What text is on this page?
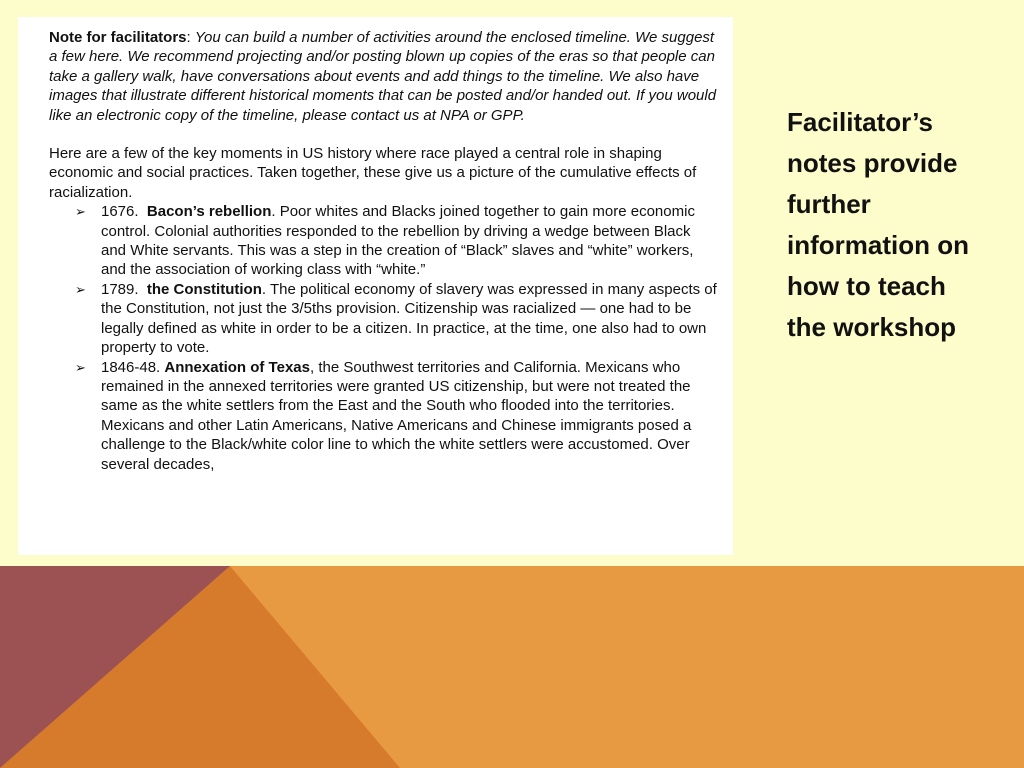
Note for facilitators: You can build a number of activities around the enclosed timeline. We suggest a few here. We recommend projecting and/or posting blown up copies of the eras so that people can take a gallery walk, have conversations about events and add things to the timeline. We also have images that illustrate different historical moments that can be posted and/or handed out. If you would like an electronic copy of the timeline, please contact us at NPA or GPP.

Here are a few of the key moments in US history where race played a central role in shaping economic and social practices. Taken together, these give us a picture of the cumulative effects of racialization.

➢ 1676. Bacon’s rebellion. Poor whites and Blacks joined together to gain more economic control. Colonial authorities responded to the rebellion by driving a wedge between Black and White servants. This was a step in the creation of “Black” slaves and “white” workers, and the association of working class with “white.”
➢ 1789. the Constitution. The political economy of slavery was expressed in many aspects of the Constitution, not just the 3/5ths provision. Citizenship was racialized — one had to be legally defined as white in order to be a citizen. In practice, at the time, one also had to own property to vote.
➢ 1846-48. Annexation of Texas, the Southwest territories and California. Mexicans who remained in the annexed territories were granted US citizenship, but were not treated the same as the white settlers from the East and the South who flooded into the territories. Mexicans and other Latin Americans, Native Americans and Chinese immigrants posed a challenge to the Black/white color line to which the white settlers were accustomed. Over several decades,
Facilitator’s notes provide further information on how to teach the workshop
